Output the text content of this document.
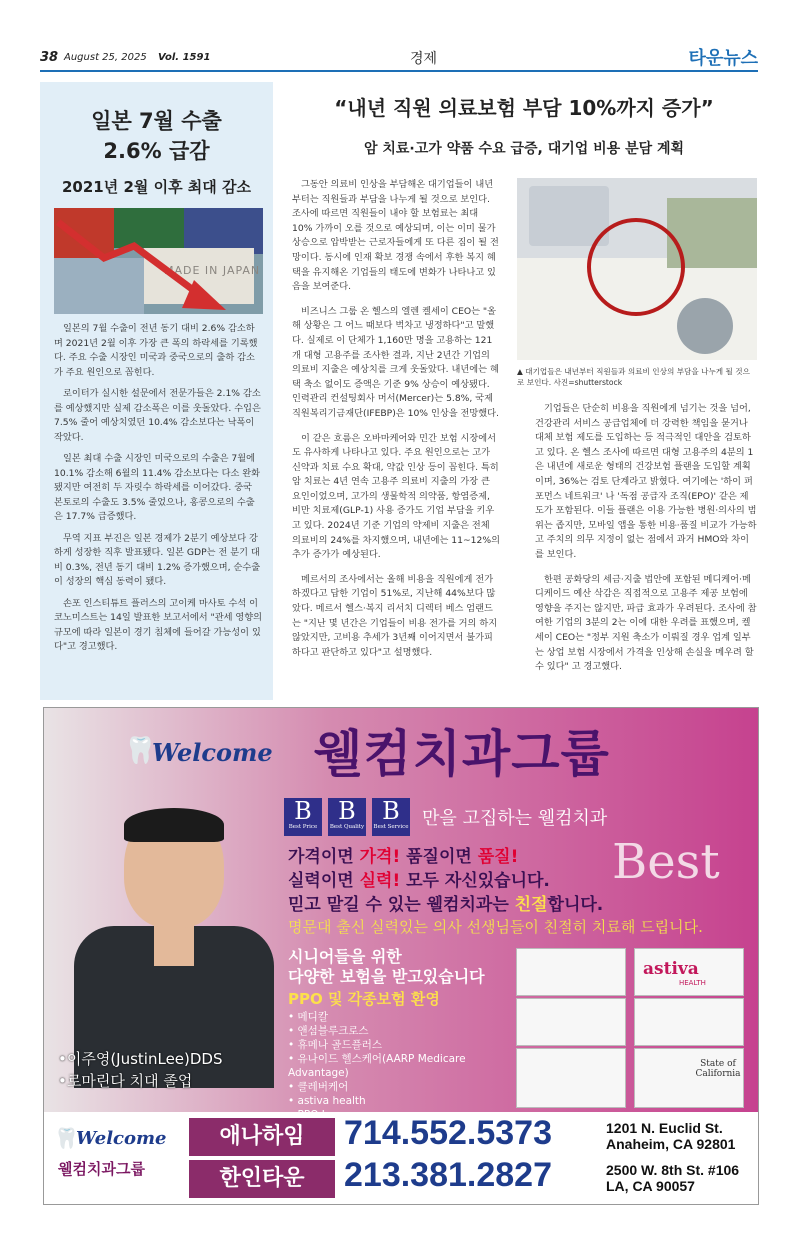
38 August 25, 2025 Vol. 1591	경제	타운뉴스
일본 7월 수출
2.6% 급감
2021년 2월 이후 최대 감소
MADE IN JAPAN

일본의 7월 수출이 전년 동기 대비 2.6% 감소하며 2021년 2월 이후 가장 큰 폭의 하락세를 기록했다. 주요 수출 시장인 미국과 중국으로의 출하 감소가 주요 원인으로 꼽힌다.

로이터가 실시한 설문에서 전문가들은 2.1% 감소를 예상했지만 실제 감소폭은 이를 웃돌았다. 수입은 7.5% 줄어 예상치였던 10.4% 감소보다는 낙폭이 작았다.

일본 최대 수출 시장인 미국으로의 수출은 7월에 10.1% 감소해 6월의 11.4% 감소보다는 다소 완화됐지만 여전히 두 자릿수 하락세를 이어갔다. 중국 본토로의 수출도 3.5% 줄었으나, 홍콩으로의 수출은 17.7% 급증했다.

무역 지표 부진은 일본 경제가 2분기 예상보다 강하게 성장한 직후 발표됐다. 일본 GDP는 전 분기 대비 0.3%, 전년 동기 대비 1.2% 증가했으며, 순수출이 성장의 핵심 동력이 됐다.

손포 인스티튜트 플러스의 고이케 마사토 수석 이코노미스트는 14일 발표한 보고서에서 "관세 영향의 규모에 따라 일본이 경기 침체에 들어갈 가능성이 있다"고 경고했다.

“내년 직원 의료보험 부담 10%까지 증가”
암 치료·고가 약품 수요 급증, 대기업 비용 분담 계획

그동안 의료비 인상을 부담해온 대기업들이 내년부터는 직원들과 부담을 나누게 될 것으로 보인다. 조사에 따르면 직원들이 내야 할 보험료는 최대 10% 가까이 오를 것으로 예상되며, 이는 이미 물가 상승으로 압박받는 근로자들에게 또 다른 짐이 될 전망이다. 동시에 인재 확보 경쟁 속에서 후한 복지 혜택을 유지해온 기업들의 태도에 변화가 나타나고 있음을 보여준다.

비즈니스 그룹 온 헬스의 엘렌 켈세이 CEO는 "올해 상황은 그 어느 때보다 벅차고 냉정하다"고 말했다. 실제로 이 단체가 1,160만 명을 고용하는 121개 대형 고용주를 조사한 결과, 지난 2년간 기업의 의료비 지출은 예상치를 크게 웃돌았다. 내년에는 혜택 축소 없이도 증액은 기준 9% 상승이 예상됐다. 인력관리 컨설팅회사 머서(Mercer)는 5.8%, 국제직원복리기금재단(IFEBP)은 10% 인상을 전망했다.

이 같은 흐름은 오바마케어와 민간 보험 시장에서도 유사하게 나타나고 있다. 주요 원인으로는 고가 신약과 치료 수요 확대, 약값 인상 등이 꼽힌다. 특히 암 치료는 4년 연속 고용주 의료비 지출의 가장 큰 요인이었으며, 고가의 생물학적 의약품, 항염증제, 비만 치료제(GLP-1) 사용 증가도 기업 부담을 키우고 있다. 2024년 기준 기업의 약제비 지출은 전체 의료비의 24%를 차지했으며, 내년에는 11~12%의 추가 증가가 예상된다.

메르서의 조사에서는 올해 비용을 직원에게 전가하겠다고 답한 기업이 51%로, 지난해 44%보다 많았다. 메르서 헬스·복지 리서치 디렉터 베스 엄랜드는 "지난 몇 년간은 기업들이 비용 전가를 거의 하지 않았지만, 고비용 추세가 3년째 이어지면서 불가피하다고 판단하고 있다"고 설명했다.

▲ 대기업들은 내년부터 직원들과 의료비 인상의 부담을 나누게 될 것으로 보인다. 사진=shutterstock

기업들은 단순히 비용을 직원에게 넘기는 것을 넘어, 건강관리 서비스 공급업체에 더 강력한 책임을 묻거나 대체 보험 제도를 도입하는 등 적극적인 대안을 검토하고 있다. 온 헬스 조사에 따르면 대형 고용주의 4분의 1은 내년에 새로운 형태의 건강보험 플랜을 도입할 계획이며, 36%는 검토 단계라고 밝혔다. 여기에는 '하이 퍼포먼스 네트워크' 나 '독점 공급자 조직(EPO)' 같은 제도가 포함된다. 이들 플랜은 이용 가능한 병원·의사의 범위는 좁지만, 모바일 앱을 통한 비용·품질 비교가 가능하고 주치의 의무 지정이 없는 점에서 과거 HMO와 차이를 보인다.

한편 공화당의 세금·지출 법안에 포함된 메디케어·메디케이드 예산 삭감은 직접적으로 고용주 제공 보험에 영향을 주지는 않지만, 파급 효과가 우려된다. 조사에 참여한 기업의 3분의 2는 이에 대한 우려를 표했으며, 켈세이 CEO는 "정부 지원 축소가 이뤄질 경우 업계 일부는 상업 보험 시장에서 가격을 인상해 손실을 메우려 할 수 있다" 고 경고했다.

🦷
Welcome 웰컴치과그룹
B
Best Price
B
Best Quality
B
Best Service 만을 고집하는 웰컴치과
Best
가격이면 가격! 품질이면 품질!
실력이면 실력! 모두 자신있습니다.
믿고 맡길 수 있는 웰컴치과는 친절합니다.
명문대 출신 실력있는 의사 선생님들이 친절히 치료해 드립니다.
•이주영(JustinLee)DDS
•로마린다 치대 졸업
시니어들을 위한
다양한 보험을 받고있습니다
PPO 및 각종보험 환영
• 메디칼
• 앤섬블루크로스
• 휴메나 골드플러스
• 유나이드 헬스케어(AARP Medicare Advantage)
• 클레버케어
• astiva health
astiva
HEALTH
State of California
🦷
Welcome
웰컴치과그룹
애나하임	714.552.5373	1201 N. Euclid St.
Anaheim, CA 92801
한인타운	213.381.2827	2500 W. 8th St. #106
LA, CA 90057
